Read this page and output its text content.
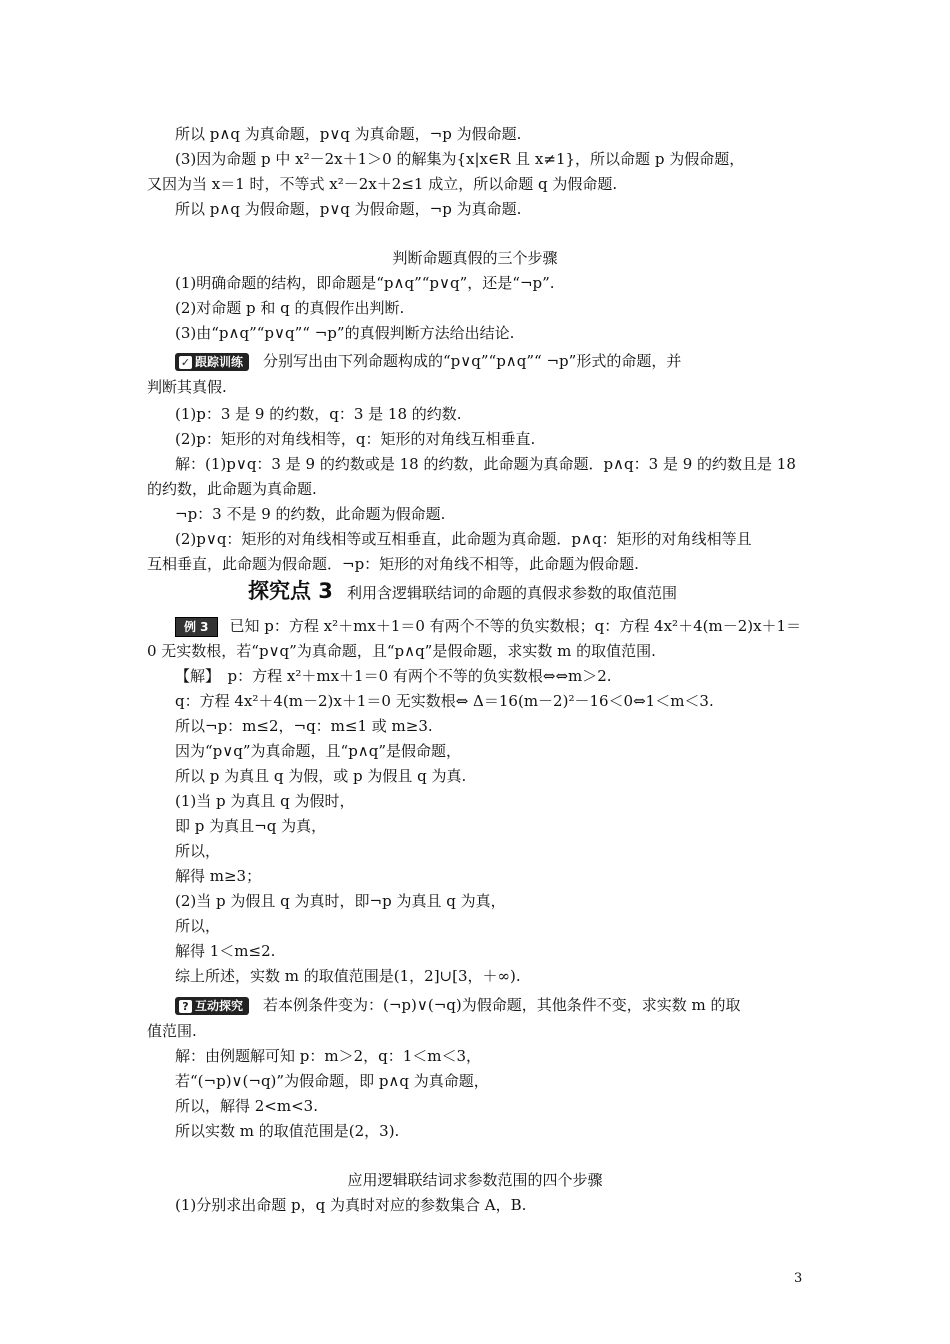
所以 p∧q 为真命题，p∨q 为真命题，¬p 为假命题.
(3)因为命题 p 中 x²－2x＋1＞0 的解集为{x|x∈R 且 x≠1}，所以命题 p 为假命题，
又因为当 x＝1 时，不等式 x²－2x＋2≤1 成立，所以命题 q 为假命题.
所以 p∧q 为假命题，p∨q 为假命题，¬p 为真命题.
判断命题真假的三个步骤
(1)明确命题的结构，即命题是“p∧q”“p∨q”，还是“¬p”.
(2)对命题 p 和 q 的真假作出判断.
(3)由“p∧q”“p∨q”“ ¬p”的真假判断方法给出结论.
✓ 跟踪训练 分别写出由下列命题构成的“p∨q”“p∧q”“ ¬p”形式的命题，并
判断其真假.
(1)p：3 是 9 的约数，q：3 是 18 的约数.
(2)p：矩形的对角线相等，q：矩形的对角线互相垂直.
解：(1)p∨q：3 是 9 的约数或是 18 的约数，此命题为真命题．p∧q：3 是 9 的约数且是 18
的约数，此命题为真命题.
¬p：3 不是 9 的约数，此命题为假命题.
(2)p∨q：矩形的对角线相等或互相垂直，此命题为真命题．p∧q：矩形的对角线相等且
互相垂直，此命题为假命题．¬p：矩形的对角线不相等，此命题为假命题.
探究点 3 利用含逻辑联结词的命题的真假求参数的取值范围
例 3 已知 p：方程 x²＋mx＋1＝0 有两个不等的负实数根；q：方程 4x²＋4(m－2)x＋1＝
0 无实数根，若“p∨q”为真命题，且“p∧q”是假命题，求实数 m 的取值范围.
【解】　p：方程 x²＋mx＋1＝0 有两个不等的负实数根⇔⇔m＞2.
q：方程 4x²＋4(m－2)x＋1＝0 无实数根⇔ Δ＝16(m－2)²－16＜0⇔1＜m＜3.
所以¬p：m≤2，¬q：m≤1 或 m≥3.
因为“p∨q”为真命题，且“p∧q”是假命题，
所以 p 为真且 q 为假，或 p 为假且 q 为真.
(1)当 p 为真且 q 为假时，
即 p 为真且¬q 为真，
所以，
解得 m≥3；
(2)当 p 为假且 q 为真时，即¬p 为真且 q 为真，
所以，
解得 1＜m≤2.
综上所述，实数 m 的取值范围是(1，2]∪[3，＋∞).
? 互动探究 若本例条件变为：(¬p)∨(¬q)为假命题，其他条件不变，求实数 m 的取
值范围.
解：由例题解可知 p：m＞2，q：1＜m＜3，
若“(¬p)∨(¬q)”为假命题，即 p∧q 为真命题，
所以，解得 2<m<3.
所以实数 m 的取值范围是(2，3).
应用逻辑联结词求参数范围的四个步骤
(1)分别求出命题 p，q 为真时对应的参数集合 A，B.
3
